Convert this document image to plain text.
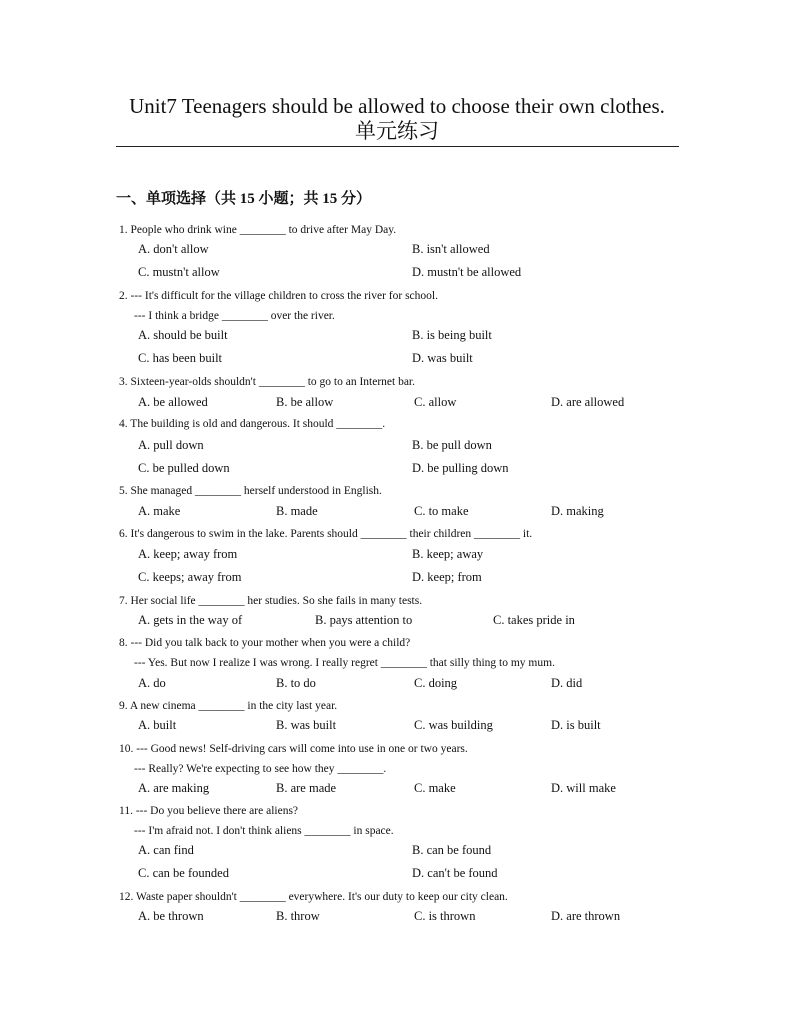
Unit7 Teenagers should be allowed to choose their own clothes.
单元练习
一、单项选择（共 15 小题；共 15 分）
1. People who drink wine ________ to drive after May Day.
A. don't allow	B. isn't allowed
C. mustn't allow	D. mustn't be allowed
2. --- It's difficult for the village children to cross the river for school.
--- I think a bridge ________ over the river.
A. should be built	B. is being built
C. has been built	D. was built
3. Sixteen-year-olds shouldn't ________ to go to an Internet bar.
A. be allowed	B. be allow	C. allow	D. are allowed
4. The building is old and dangerous. It should ________.
A. pull down	B. be pull down
C. be pulled down	D. be pulling down
5. She managed ________ herself understood in English.
A. make	B. made	C. to make	D. making
6. It's dangerous to swim in the lake. Parents should ________ their children ________ it.
A. keep; away from	B. keep; away
C. keeps; away from	D. keep; from
7. Her social life ________ her studies. So she fails in many tests.
A. gets in the way of	B. pays attention to	C. takes pride in
8. --- Did you talk back to your mother when you were a child?
--- Yes. But now I realize I was wrong. I really regret ________ that silly thing to my mum.
A. do	B. to do	C. doing	D. did
9. A new cinema ________ in the city last year.
A. built	B. was built	C. was building	D. is built
10. --- Good news! Self-driving cars will come into use in one or two years.
--- Really? We're expecting to see how they ________.
A. are making	B. are made	C. make	D. will make
11. --- Do you believe there are aliens?
--- I'm afraid not. I don't think aliens ________ in space.
A. can find	B. can be found
C. can be founded	D. can't be found
12. Waste paper shouldn't ________ everywhere. It's our duty to keep our city clean.
A. be thrown	B. throw	C. is thrown	D. are thrown
